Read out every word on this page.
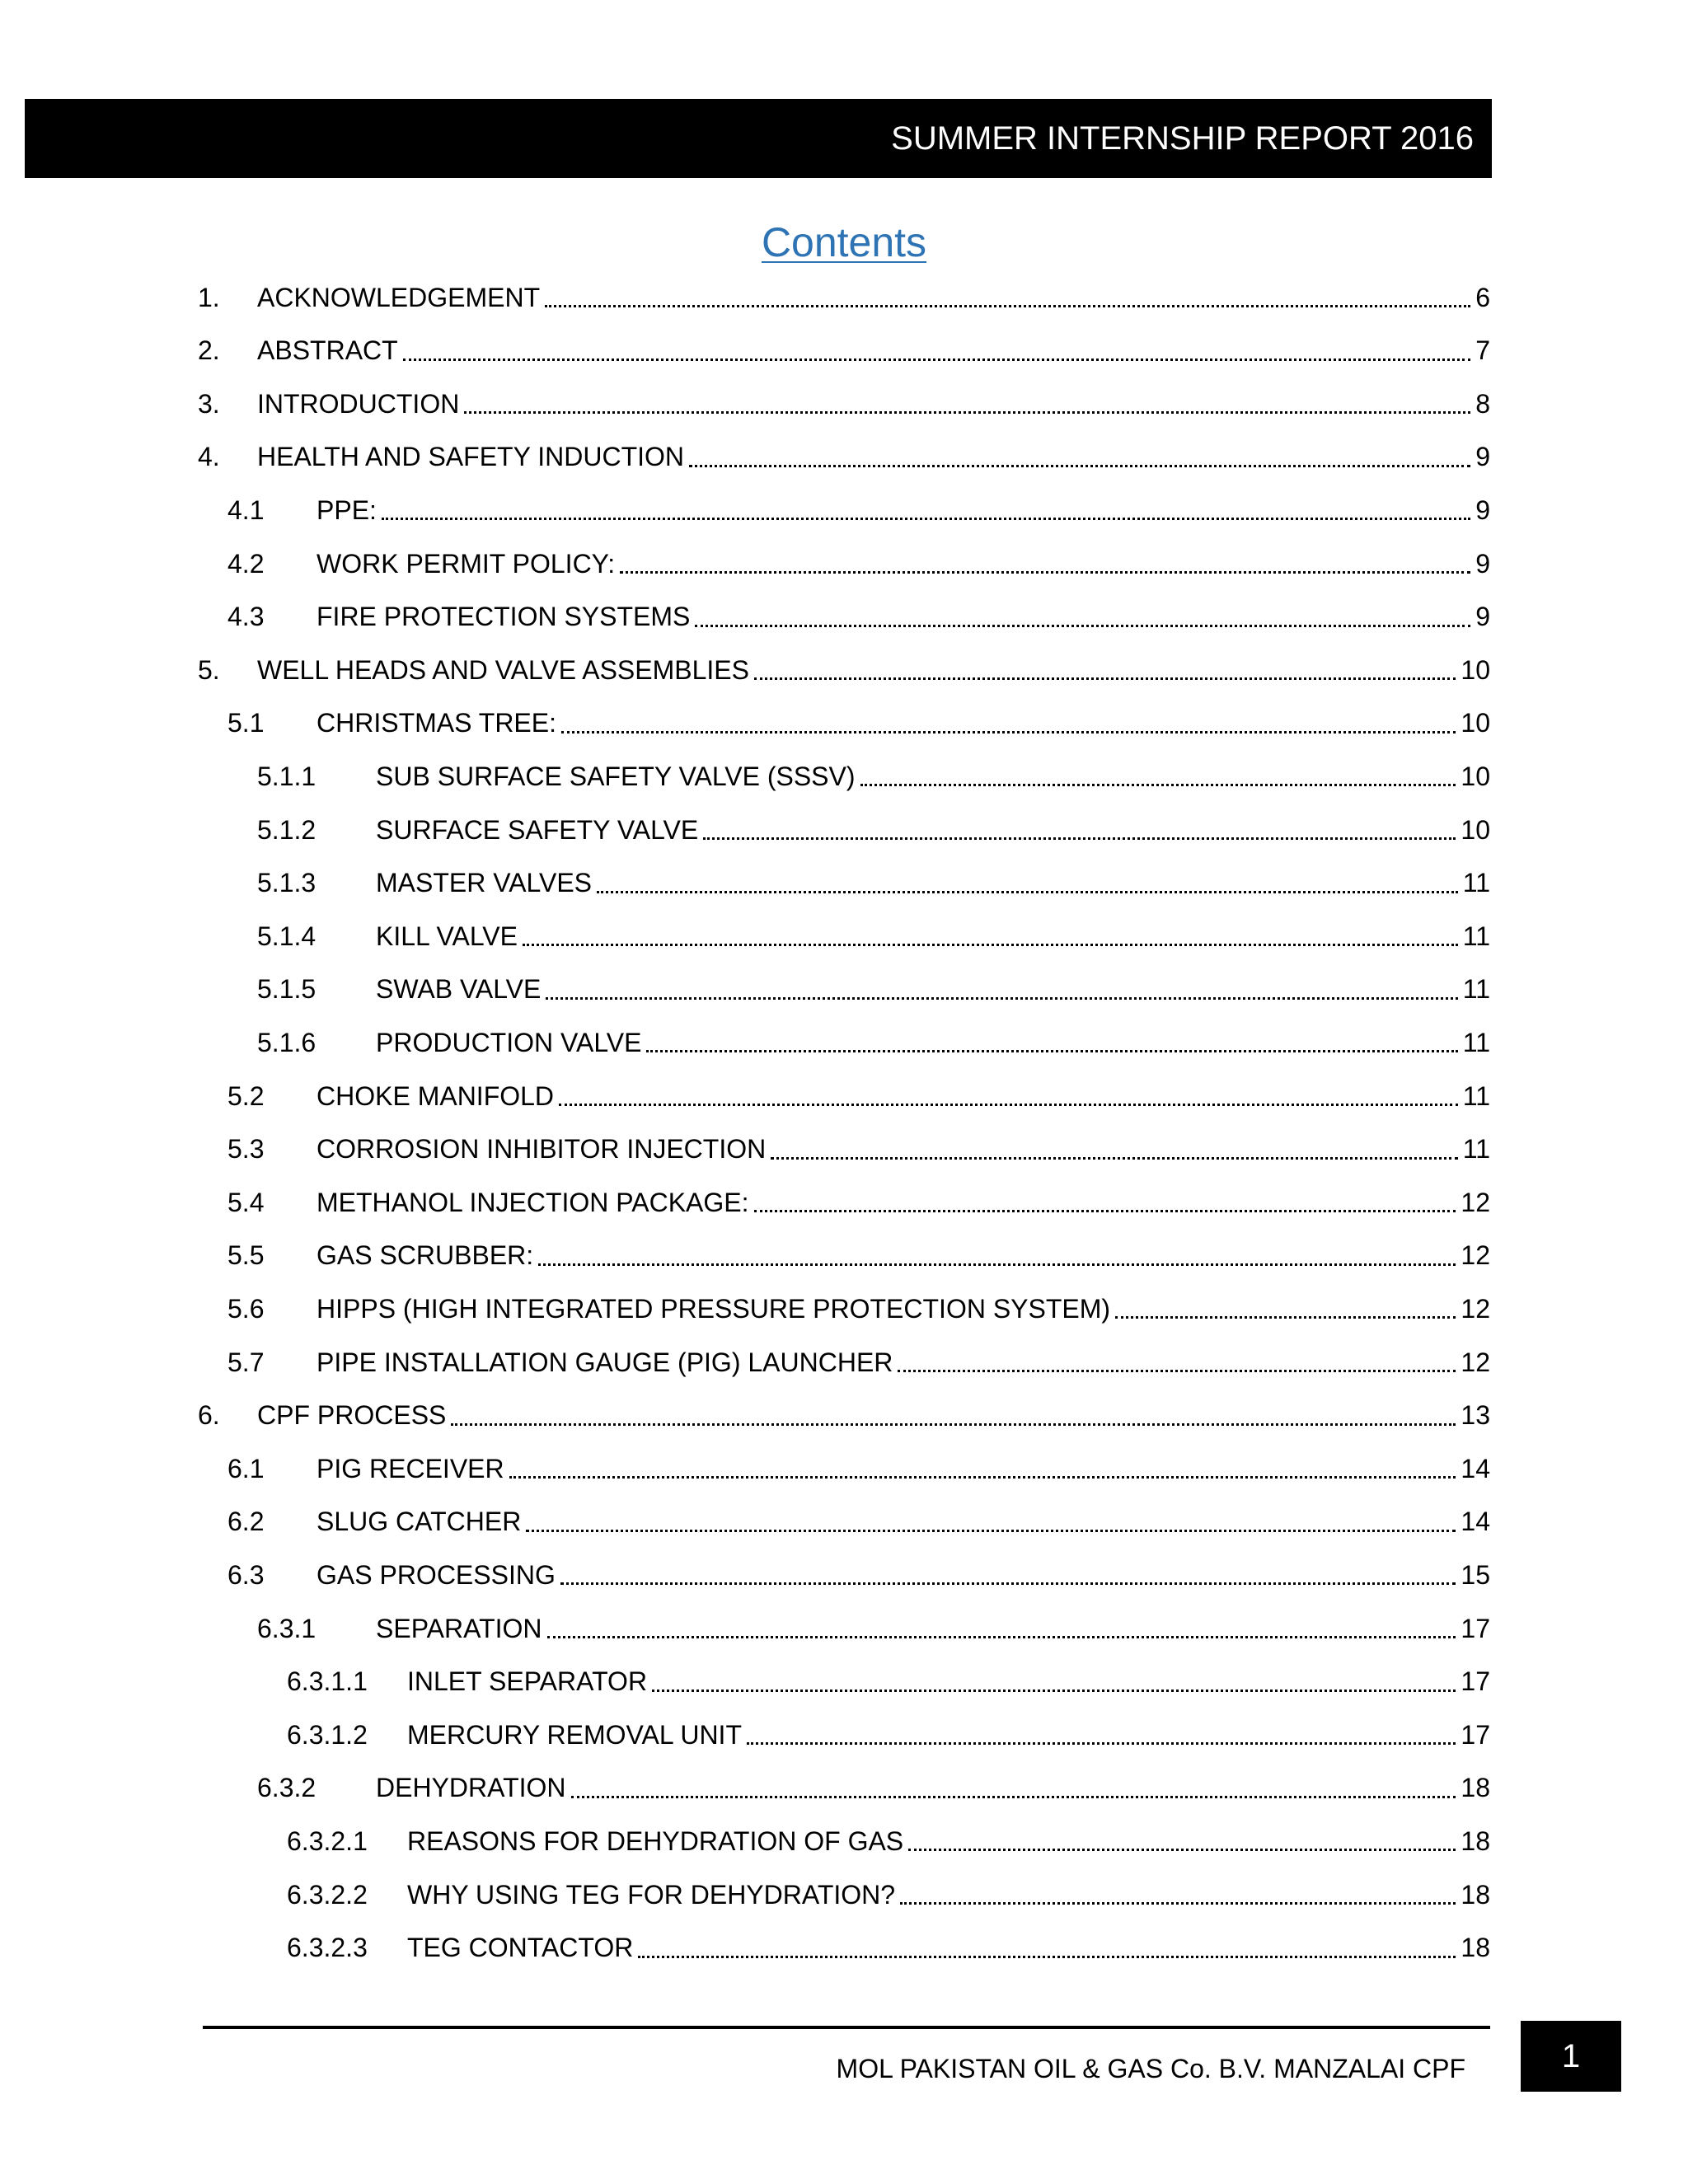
SUMMER INTERNSHIP REPORT 2016
Contents
1.	ACKNOWLEDGEMENT	6
2.	ABSTRACT	7
3.	INTRODUCTION	8
4.	HEALTH AND SAFETY INDUCTION	9
4.1	PPE:	9
4.2	WORK PERMIT POLICY:	9
4.3	FIRE PROTECTION SYSTEMS	9
5.	WELL HEADS AND VALVE ASSEMBLIES	10
5.1	CHRISTMAS TREE:	10
5.1.1	SUB SURFACE SAFETY VALVE (SSSV)	10
5.1.2	SURFACE SAFETY VALVE	10
5.1.3	MASTER VALVES	11
5.1.4	KILL VALVE	11
5.1.5	SWAB VALVE	11
5.1.6	PRODUCTION VALVE	11
5.2	CHOKE MANIFOLD	11
5.3	CORROSION INHIBITOR INJECTION	11
5.4	METHANOL INJECTION PACKAGE:	12
5.5	GAS SCRUBBER:	12
5.6	HIPPS (HIGH INTEGRATED PRESSURE PROTECTION SYSTEM)	12
5.7	PIPE INSTALLATION GAUGE (PIG) LAUNCHER	12
6.	CPF PROCESS	13
6.1	PIG RECEIVER	14
6.2	SLUG CATCHER	14
6.3	GAS PROCESSING	15
6.3.1	SEPARATION	17
6.3.1.1	INLET SEPARATOR	17
6.3.1.2	MERCURY REMOVAL UNIT	17
6.3.2	DEHYDRATION	18
6.3.2.1	REASONS FOR DEHYDRATION OF GAS	18
6.3.2.2	WHY USING TEG FOR DEHYDRATION?	18
6.3.2.3	TEG CONTACTOR	18
MOL PAKISTAN OIL & GAS Co. B.V. MANZALAI CPF	1
